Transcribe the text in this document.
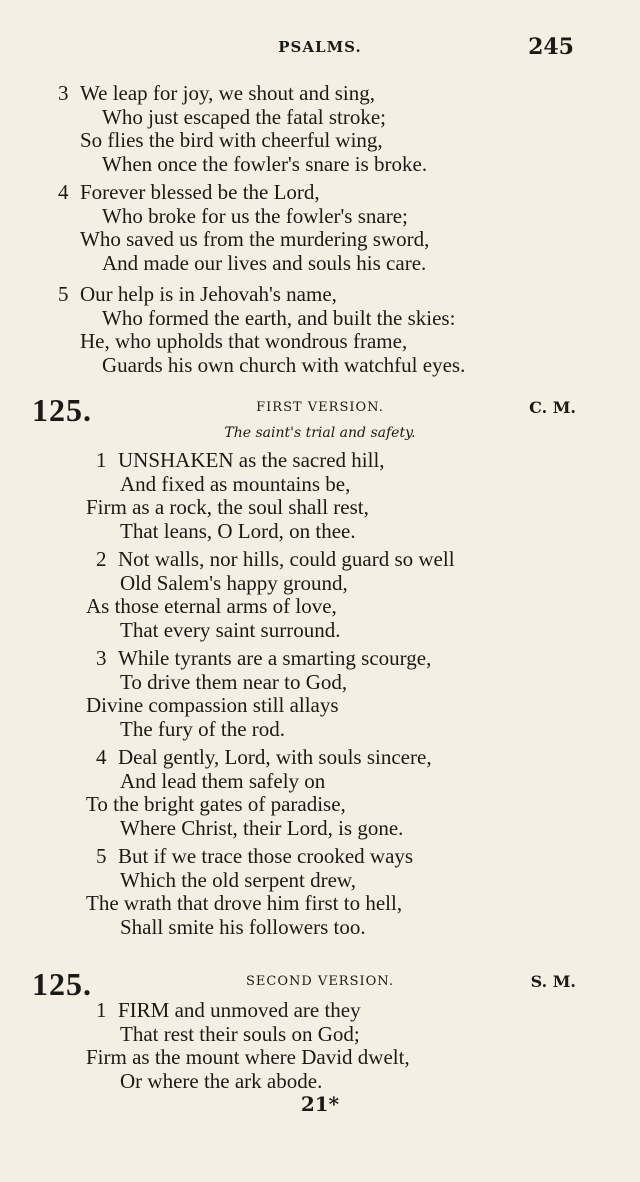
PSALMS.	245
3 We leap for joy, we shout and sing,
Who just escaped the fatal stroke;
So flies the bird with cheerful wing,
When once the fowler's snare is broke.
4 Forever blessed be the Lord,
Who broke for us the fowler's snare;
Who saved us from the murdering sword,
And made our lives and souls his care.
5 Our help is in Jehovah's name,
Who formed the earth, and built the skies:
He, who upholds that wondrous frame,
Guards his own church with watchful eyes.
125.	FIRST VERSION.	C. M.
The saint's trial and safety.
1 UNSHAKEN as the sacred hill,
And fixed as mountains be,
Firm as a rock, the soul shall rest,
That leans, O Lord, on thee.
2 Not walls, nor hills, could guard so well
Old Salem's happy ground,
As those eternal arms of love,
That every saint surround.
3 While tyrants are a smarting scourge,
To drive them near to God,
Divine compassion still allays
The fury of the rod.
4 Deal gently, Lord, with souls sincere,
And lead them safely on
To the bright gates of paradise,
Where Christ, their Lord, is gone.
5 But if we trace those crooked ways
Which the old serpent drew,
The wrath that drove him first to hell,
Shall smite his followers too.
125.	SECOND VERSION.	S. M.
1 FIRM and unmoved are they
That rest their souls on God;
Firm as the mount where David dwelt,
Or where the ark abode.
21*
